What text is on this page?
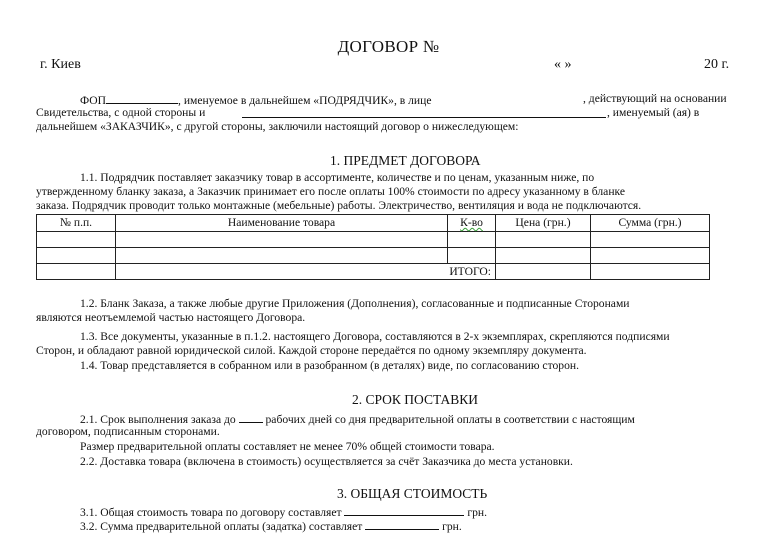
ДОГОВОР №
г. Киев	« »	20 г.
ФОП	, именуемое в дальнейшем «ПОДРЯДЧИК», в лице	, действующий на основании
Свидетельства, с одной стороны и	, именуемый (ая) в
дальнейшем «ЗАКАЗЧИК», с другой стороны, заключили настоящий договор о нижеследующем:
1. ПРЕДМЕТ ДОГОВОРА
1.1. Подрядчик поставляет заказчику товар в ассортименте, количестве и по ценам, указанным ниже, по
утвержденному бланку заказа, а Заказчик принимает его после оплаты 100% стоимости по адресу указанному в бланке
заказа. Подрядчик проводит только монтажные (мебельные) работы. Электричество, вентиляция и вода не подключаются.
№ п.п.	Наименование товара	К-во	Цена (грн.)	Сумма (грн.)

	ИТОГО:			
1.2. Бланк Заказа, а также любые другие Приложения (Дополнения), согласованные и подписанные Сторонами
являются неотъемлемой частью настоящего Договора.
1.3. Все документы, указанные в п.1.2. настоящего Договора, составляются в 2-х экземплярах, скрепляются подписями
Сторон, и обладают равной юридической силой. Каждой стороне передаётся по одному экземпляру документа.
1.4. Товар представляется в собранном или в разобранном (в деталях) виде, по согласованию сторон.
2. СРОК ПОСТАВКИ
2.1. Срок выполнения заказа до	рабочих дней со дня предварительной оплаты в соответствии с настоящим
договором, подписанным сторонами.
Размер предварительной оплаты составляет не менее 70% общей стоимости товара.
2.2. Доставка товара (включена в стоимость) осуществляется за счёт Заказчика до места установки.
3. ОБЩАЯ СТОИМОСТЬ
3.1. Общая стоимость товара по договору составляет	грн.
3.2. Сумма предварительной оплаты (задатка) составляет	грн.
